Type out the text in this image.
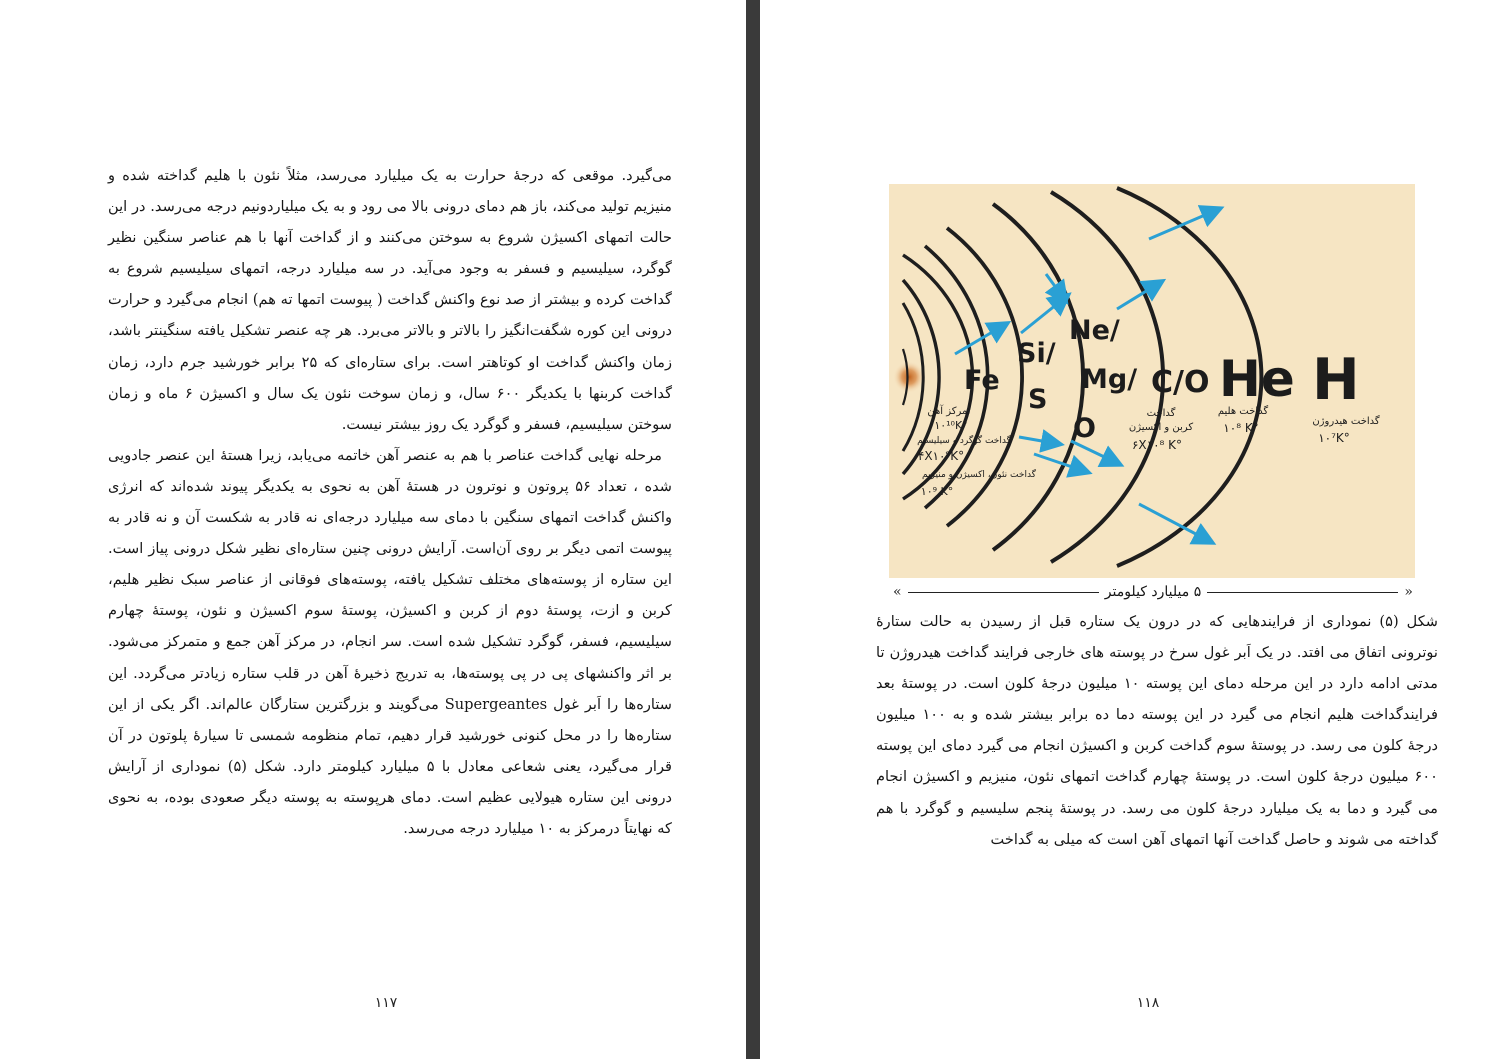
می‌گیرد. موقعی که درجهٔ حرارت به یک میلیارد می‌رسد، مثلاً نئون با هلیم گداخته شده و منیزیم تولید می‌کند، باز هم دمای درونی بالا می رود و به یک میلیاردونیم درجه می‌رسد. در این حالت اتمهای اکسیژن شروع به سوختن می‌کنند و از گداخت آنها با هم عناصر سنگین نظیر گوگرد، سیلیسیم و فسفر به وجود می‌آید. در سه میلیارد درجه، اتمهای سیلیسیم شروع به گداخت کرده و بیشتر از صد نوع واکنش گداخت ( پیوست اتمها ته هم) انجام می‌گیرد و حرارت درونی این کوره شگفت‌انگیز را بالاتر و بالاتر می‌برد. هر چه عنصر تشکیل یافته سنگینتر باشد، زمان واکنش گداخت او کوتاهتر است. برای ستاره‌ای که ۲۵ برابر خورشید جرم دارد، زمان گداخت کربنها با یکدیگر ۶۰۰ سال، و زمان سوخت نئون یک سال و اکسیژن ۶ ماه و زمان سوختن سیلیسیم، فسفر و گوگرد یک روز بیشتر نیست.

مرحله نهایی گداخت عناصر با هم به عنصر آهن خاتمه می‌یابد، زیرا هستهٔ این عنصر جادویی شده ، تعداد ۵۶ پروتون و نوترون در هستهٔ آهن به نحوی به یکدیگر پیوند شده‌اند که انرژی واکنش گداخت اتمهای سنگین با دمای سه میلیارد درجه‌ای نه قادر به شکست آن و نه قادر به پیوست اتمی دیگر بر روی آن‌است. آرایش درونی چنین ستاره‌ای نظیر شکل درونی پیاز است. این ستاره از پوسته‌های مختلف تشکیل یافته، پوسته‌های فوقانی از عناصر سبک نظیر هلیم، کربن و ازت، پوستهٔ دوم از کربن و اکسیژن، پوستهٔ سوم اکسیژن و نئون، پوستهٔ چهارم سیلیسیم، فسفر، گوگرد تشکیل شده است. سر انجام، در مرکز آهن جمع و متمرکز می‌شود. بر اثر واکنشهای پی در پی پوسته‌ها، به تدریج ذخیرهٔ آهن در قلب ستاره زیادتر می‌گردد. این ستاره‌ها را اَبر غول Supergeantes می‌گویند و بزرگترین ستارگان عالم‌اند. اگر یکی از این ستاره‌ها را در محل کنونی خورشید قرار دهیم، تمام منظومه شمسی تا سیارهٔ پلوتون در آن قرار می‌گیرد، یعنی شعاعی معادل با ۵ میلیارد کیلومتر دارد. شکل (۵) نموداری از آرایش درونی این ستاره هیولایی عظیم است. دمای هرپوسته به پوسته دیگر صعودی بوده، به نحوی که نهایتاً درمرکز به ۱۰ میلیارد درجه می‌رسد.

۱۱۷
Fe
Si/
S
Ne/
Mg/
O
C/O He H
گداخت هیدروژن
۱۰⁷K°
گداخت هلیم
۱۰⁸ K°
گداخت
کربن و اکسیژن
۶X۱۰⁸ K°
تمرکز آهن
۱۰¹⁰K°
گداخت گوگرد و سیلیسیم
۴X۱۰⁹K°
گداخت نئون، اکسیژن و منیزیم
۱۰⁹ K°
«
۵ میلیارد کیلومتر
»

شکل (۵) نموداری از فرایندهایی که در درون یک ستاره قبل از رسیدن به حالت ستارهٔ نوترونی اتفاق می افتد. در یک اَبر غول سرخ در پوسته های خارجی فرایند گداخت هیدروژن تا مدتی ادامه دارد در این مرحله دمای این پوسته ۱۰ میلیون درجهٔ کلون است. در پوستهٔ بعد فرایندگداخت هلیم انجام می گیرد در این پوسته دما ده برابر بیشتر شده و به ۱۰۰ میلیون درجهٔ کلون می رسد. در پوستهٔ سوم گداخت کربن و اکسیژن انجام می گیرد دمای این پوسته ۶۰۰ میلیون درجهٔ کلون است. در پوستهٔ چهارم گداخت اتمهای نئون، منیزیم و اکسیژن انجام می گیرد و دما به یک میلیارد درجهٔ کلون می رسد. در پوستهٔ پنجم سلیسیم و گوگرد با هم گداخته می شوند و حاصل گداخت آنها اتمهای آهن است که میلی به گداخت

۱۱۸
